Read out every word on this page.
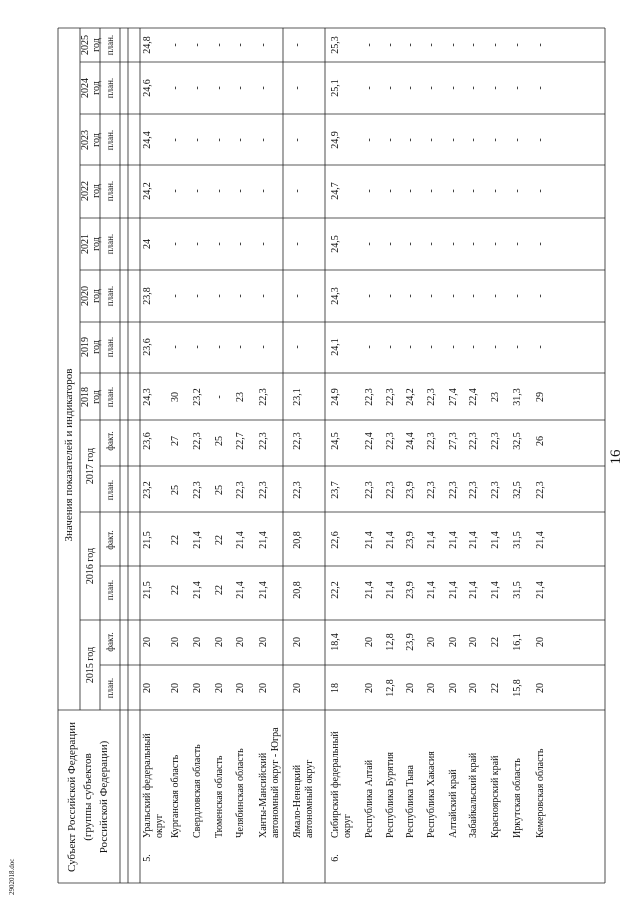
Субъект Российской Федерации (группы субъектов Российской Федерации)
Значения показателей и индикаторов
2015 год
2016 год
2017 год
2018 год
2019 год
2020 год
2021 год
2022 год
2023 год
2024 год
2025 год
план.
факт.
план.
факт.
план.
факт.
план.
план.
план.
план.
план.
план.
план.
план.
5.
Уральский федеральный округ
20
20
21,5
21,5
23,2
23,6
24,3
23,6
23,8
24
24,2
24,4
24,6
24,8
Курганская область
20
20
22
22
25
27
30
-
-
-
-
-
-
-
Свердловская область
20
20
21,4
21,4
22,3
22,3
23,2
-
-
-
-
-
-
-
Тюменская область
20
20
22
22
25
25
-
-
-
-
-
-
-
-
Челябинская область
20
20
21,4
21,4
22,3
22,7
23
-
-
-
-
-
-
-
Ханты-Мансийский автономный округ - Югра
20
20
21,4
21,4
22,3
22,3
22,3
-
-
-
-
-
-
-
Ямало-Ненецкий автономный округ
20
20
20,8
20,8
22,3
22,3
23,1
-
-
-
-
-
-
-
6.
Сибирский федеральный округ
18
18,4
22,2
22,6
23,7
24,5
24,9
24,1
24,3
24,5
24,7
24,9
25,1
25,3
Республика Алтай
20
20
21,4
21,4
22,3
22,4
22,3
-
-
-
-
-
-
-
Республика Бурятия
12,8
12,8
21,4
21,4
22,3
22,3
22,3
-
-
-
-
-
-
-
Республика Тыва
20
23,9
23,9
23,9
23,9
24,4
24,2
-
-
-
-
-
-
-
Республика Хакасия
20
20
21,4
21,4
22,3
22,3
22,3
-
-
-
-
-
-
-
Алтайский край
20
20
21,4
21,4
22,3
27,3
27,4
-
-
-
-
-
-
-
Забайкальский край
20
20
21,4
21,4
22,3
22,3
22,4
-
-
-
-
-
-
-
Красноярский край
22
22
21,4
21,4
22,3
22,3
23
-
-
-
-
-
-
-
Иркутская область
15,8
16,1
31,5
31,5
32,5
32,5
31,3
-
-
-
-
-
-
-
Кемеровская область
20
20
21,4
21,4
22,3
26
29
-
-
-
-
-
-
-
16
2902018.doc
